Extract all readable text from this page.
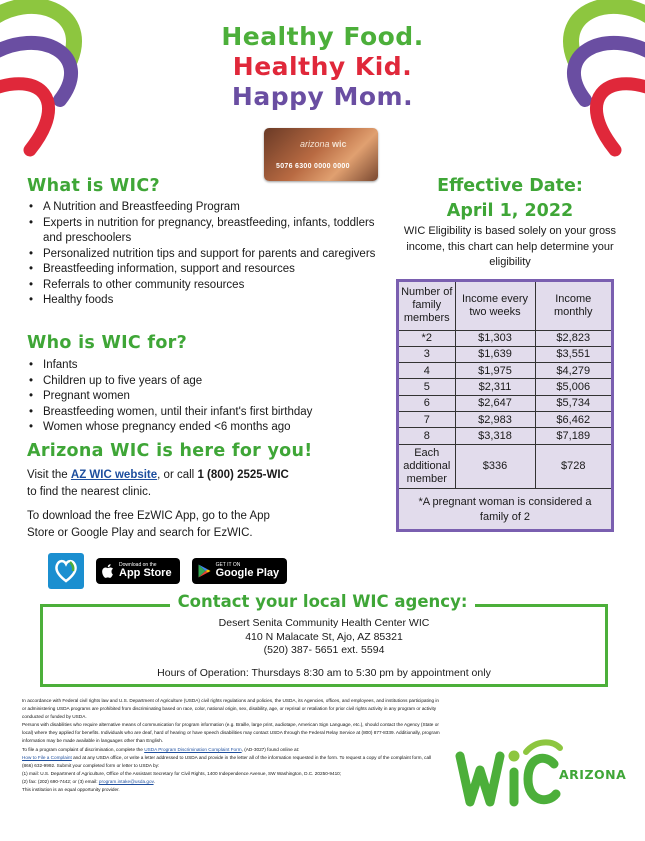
Healthy Food.
Healthy Kid.
Happy Mom.
arizona wic
5076 6300 0000 0000
What is WIC?
• A Nutrition and Breastfeeding Program
• Experts in nutrition for pregnancy, breastfeeding, infants, toddlers and preschoolers
• Personalized nutrition tips and support for parents and caregivers
• Breastfeeding information, support and resources
• Referrals to other community resources
• Healthy foods
Who is WIC for?
• Infants
• Children up to five years of age
• Pregnant women
• Breastfeeding women, until their infant's first birthday
• Women whose pregnancy ended <6 months ago
Arizona WIC is here for you!
Visit the AZ WIC website, or call 1 (800) 2525-WIC
to find the nearest clinic.
To download the free EzWIC App, go to the App Store or Google Play and search for EzWIC.
Download on the
App Store
GET IT ON
Google Play
Effective Date:
April 1, 2022
WIC Eligibility is based solely on your gross income, this chart can help determine your eligibility
Number of family members	Income every two weeks	Income monthly
*2	$1,303	$2,823
3	$1,639	$3,551
4	$1,975	$4,279
5	$2,311	$5,006
6	$2,647	$5,734
7	$2,983	$6,462
8	$3,318	$7,189
Each additional member	$336	$728
*A pregnant woman is considered a family of 2
Contact your local WIC agency:
Desert Senita Community Health Center WIC
410 N Malacate St, Ajo, AZ 85321
(520) 387- 5651 ext. 5594
Hours of Operation: Thursdays 8:30 am to 5:30 pm by appointment only

In accordance with Federal civil rights law and U.S. Department of Agriculture (USDA) civil rights regulations and policies, the USDA, its Agencies, offices, and employees, and institutions participating in or administering USDA programs are prohibited from discriminating based on race, color, national origin, sex, disability, age, or reprisal or retaliation for prior civil rights activity in any program or activity conducted or funded by USDA.

Persons with disabilities who require alternative means of communication for program information (e.g. Braille, large print, audiotape, American Sign Language, etc.), should contact the Agency (State or local) where they applied for benefits. Individuals who are deaf, hard of hearing or have speech disabilities may contact USDA through the Federal Relay Service at (800) 877-8339. Additionally, program information may be made available in languages other than English.

To file a program complaint of discrimination, complete the USDA Program Discrimination Complaint Form, (AD-3027) found online at:

How to File a Complaint and at any USDA office, or write a letter addressed to USDA and provide in the letter all of the information requested in the form. To request a copy of the complaint form, call (866) 632-9992. Submit your completed form or letter to USDA by:

(1) mail: U.S. Department of Agriculture, Office of the Assistant Secretary for Civil Rights, 1400 Independence Avenue, SW Washington, D.C. 20250-9410;

(2) fax: (202) 690-7442; or (3) email: program.intake@usda.gov.

This institution is an equal opportunity provider.

ARIZONA
